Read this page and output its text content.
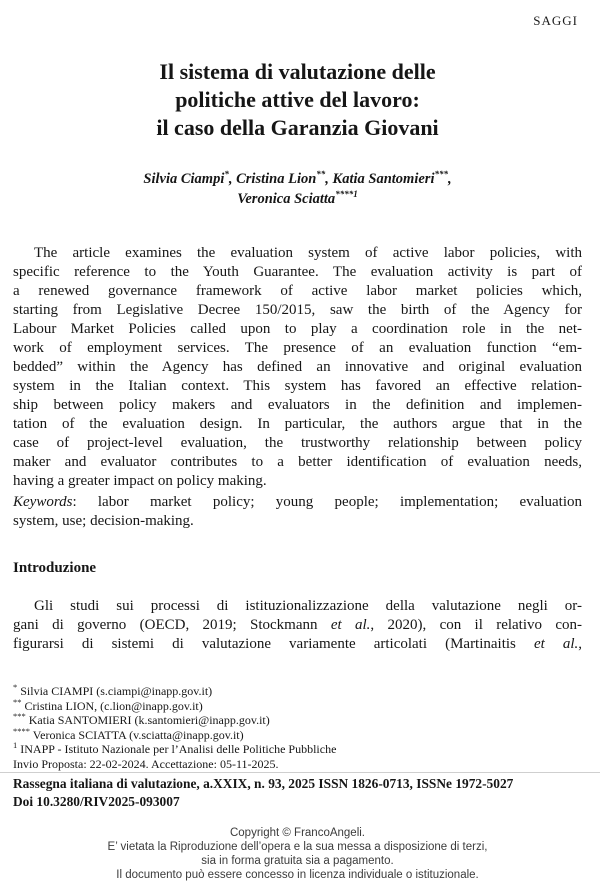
SAGGI
Il sistema di valutazione delle
politiche attive del lavoro:
il caso della Garanzia Giovani
Silvia Ciampi*, Cristina Lion**, Katia Santomieri***,
Veronica Sciatta$^{****1}$
The article examines the evaluation system of active labor policies, with
specific reference to the Youth Guarantee. The evaluation activity is part of
a renewed governance framework of active labor market policies which,
starting from Legislative Decree 150/2015, saw the birth of the Agency for
Labour Market Policies called upon to play a coordination role in the net-
work of employment services. The presence of an evaluation function “em-
bedded” within the Agency has defined an innovative and original evaluation
system in the Italian context. This system has favored an effective relation-
ship between policy makers and evaluators in the definition and implemen-
tation of the evaluation design. In particular, the authors argue that in the
case of project-level evaluation, the trustworthy relationship between policy
maker and evaluator contributes to a better identification of evaluation needs,
having a greater impact on policy making.
Keywords: labor market policy; young people; implementation; evaluation
system, use; decision-making.
Introduzione
Gli studi sui processi di istituzionalizzazione della valutazione negli or-
gani di governo (OECD, 2019; Stockmann et al., 2020), con il relativo con-
figurarsi di sistemi di valutazione variamente articolati (Martinaitis et al.,
* Silvia CIAMPI (s.ciampi@inapp.gov.it)
** Cristina LION, (c.lion@inapp.gov.it)
*** Katia SANTOMIERI (k.santomieri@inapp.gov.it)
**** Veronica SCIATTA (v.sciatta@inapp.gov.it)
$^1$ INAPP - Istituto Nazionale per l’Analisi delle Politiche Pubbliche
Invio Proposta: 22-02-2024. Accettazione: 05-11-2025.
Rassegna italiana di valutazione, a.XXIX, n. 93, 2025 ISSN 1826-0713, ISSNe 1972-5027
Doi 10.3280/RIV2025-093007
Copyright © FrancoAngeli.
E’ vietata la Riproduzione dell’opera e la sua messa a disposizione di terzi,
sia in forma gratuita sia a pagamento.
Il documento può essere concesso in licenza individuale o istituzionale.
